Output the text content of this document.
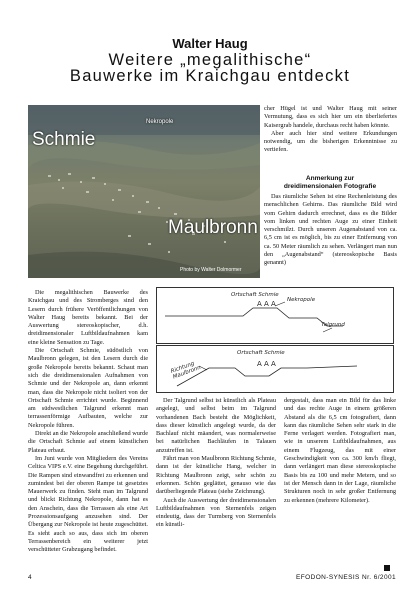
Walter Haug
Weitere „megalithische“
Bauwerke im Kraichgau entdeckt
Nekropole
Schmie
Maulbronn
Photo by Walter Dolmormer

cher Hügel ist und Walter Haug mit seiner Vermutung, dass es sich hier um ein überliefertes Kaisergrab handele, durchaus recht haben könnte.

Aber auch hier sind weitere Erkundungen notwendig, um die bisherigen Erkenntnisse zu vertiefen.

Anmerkung zur
dreidimensionalen Fotografie

Das räumliche Sehen ist eine Rechenleistung des menschlichen Gehirns. Das räumliche Bild wird vom Gehirn dadurch errechnet, dass es die Bilder vom linken und rechten Auge zu einer Einheit verschmilzt. Durch unseren Augenabstand von ca. 6,5 cm ist es möglich, bis zu einer Entfernung von ca. 50 Meter räumlich zu sehen. Verlängert man nun den „Augenabstand“ (stereoskopische Basis genannt)

A A A
Ortschaft Schmie
Nekropole
Talgrund
A A A
Ortschaft Schmie
Richtung Maulbronn

Die megalithischen Bauwerke des Kraichgau und des Stromberges sind den Lesern durch frühere Veröffentlichungen von Walter Haug bereits bekannt. Bei der Auswertung stereoskopischer, d.h. dreidimensionaler Luftbildaufnahmen kam eine kleine Sensation zu Tage.

Die Ortschaft Schmie, südöstlich von Maulbronn gelegen, ist den Lesern durch die große Nekropole bereits bekannt. Schaut man sich die dreidimensionalen Aufnahmen von Schmie und der Nekropole an, dann erkennt man, dass die Nekropole nicht isoliert von der Ortschaft Schmie errichtet wurde. Beginnend am südwestlichen Talgrund erkennt man terrassenförmige Aufbauten, welche zur Nekropole führen.

Direkt an die Nekropole anschließend wurde die Ortschaft Schmie auf einem künstlichen Plateau erbaut.

Im Juni wurde von Mitgliedern des Vereins Celtica VIPS e.V. eine Begehung durchgeführt. Die Rampen sind einwandfrei zu erkennen und zumindest bei der oberen Rampe ist gesetztes Mauerwerk zu finden. Steht man im Talgrund und blickt Richtung Nekropole, dann hat es den Anschein, dass die Terrassen als eine Art Prozessionsaufgang anzusehen sind. Der Übergang zur Nekropole ist heute zugeschüttet. Es sieht auch so aus, dass sich im oberen Terrassenbereich ein weiterer jetzt verschütteter Grabzugang befindet.

Der Talgrund selbst ist künstlich als Plateau angelegt, und selbst beim im Talgrund vorhandenen Bach besteht die Möglichkeit, dass dieser künstlich angelegt wurde, da der Bachlauf nicht mäandert, was normalerweise bei natürlichen Bachläufen in Talauen anzutreffen ist.

Fährt man von Maulbronn Richtung Schmie, dann ist der künstliche Hang, welcher in Richtung Maulbronn zeigt, sehr schön zu erkennen. Schön geglättet, genauso wie das darüberliegende Plateau (siehe Zeichnung).

Auch die Auswertung der dreidimensionalen Luftbildaufnahmen von Sternenfels zeigen eindeutig, dass der Turmberg von Sternenfels ein künstli-

dergestalt, dass man ein Bild für das linke und das rechte Auge in einem größeren Abstand als die 6,5 cm fotografiert, dann kann das räumliche Sehen sehr stark in die Ferne verlagert werden. Fotografiert man, wie in unserem Luftbildaufnahmen, aus einem Flugzeug, das mit einer Geschwindigkeit von ca. 300 km/h fliegt, dann verlängert man diese stereoskopische Basis bis zu 100 und mehr Metern, und so ist der Mensch dann in der Lage, räumliche Strukturen noch in sehr großer Entfernung zu erkennen (mehrere Kilometer).

4	EFODON-SYNESIS Nr. 6/2001
